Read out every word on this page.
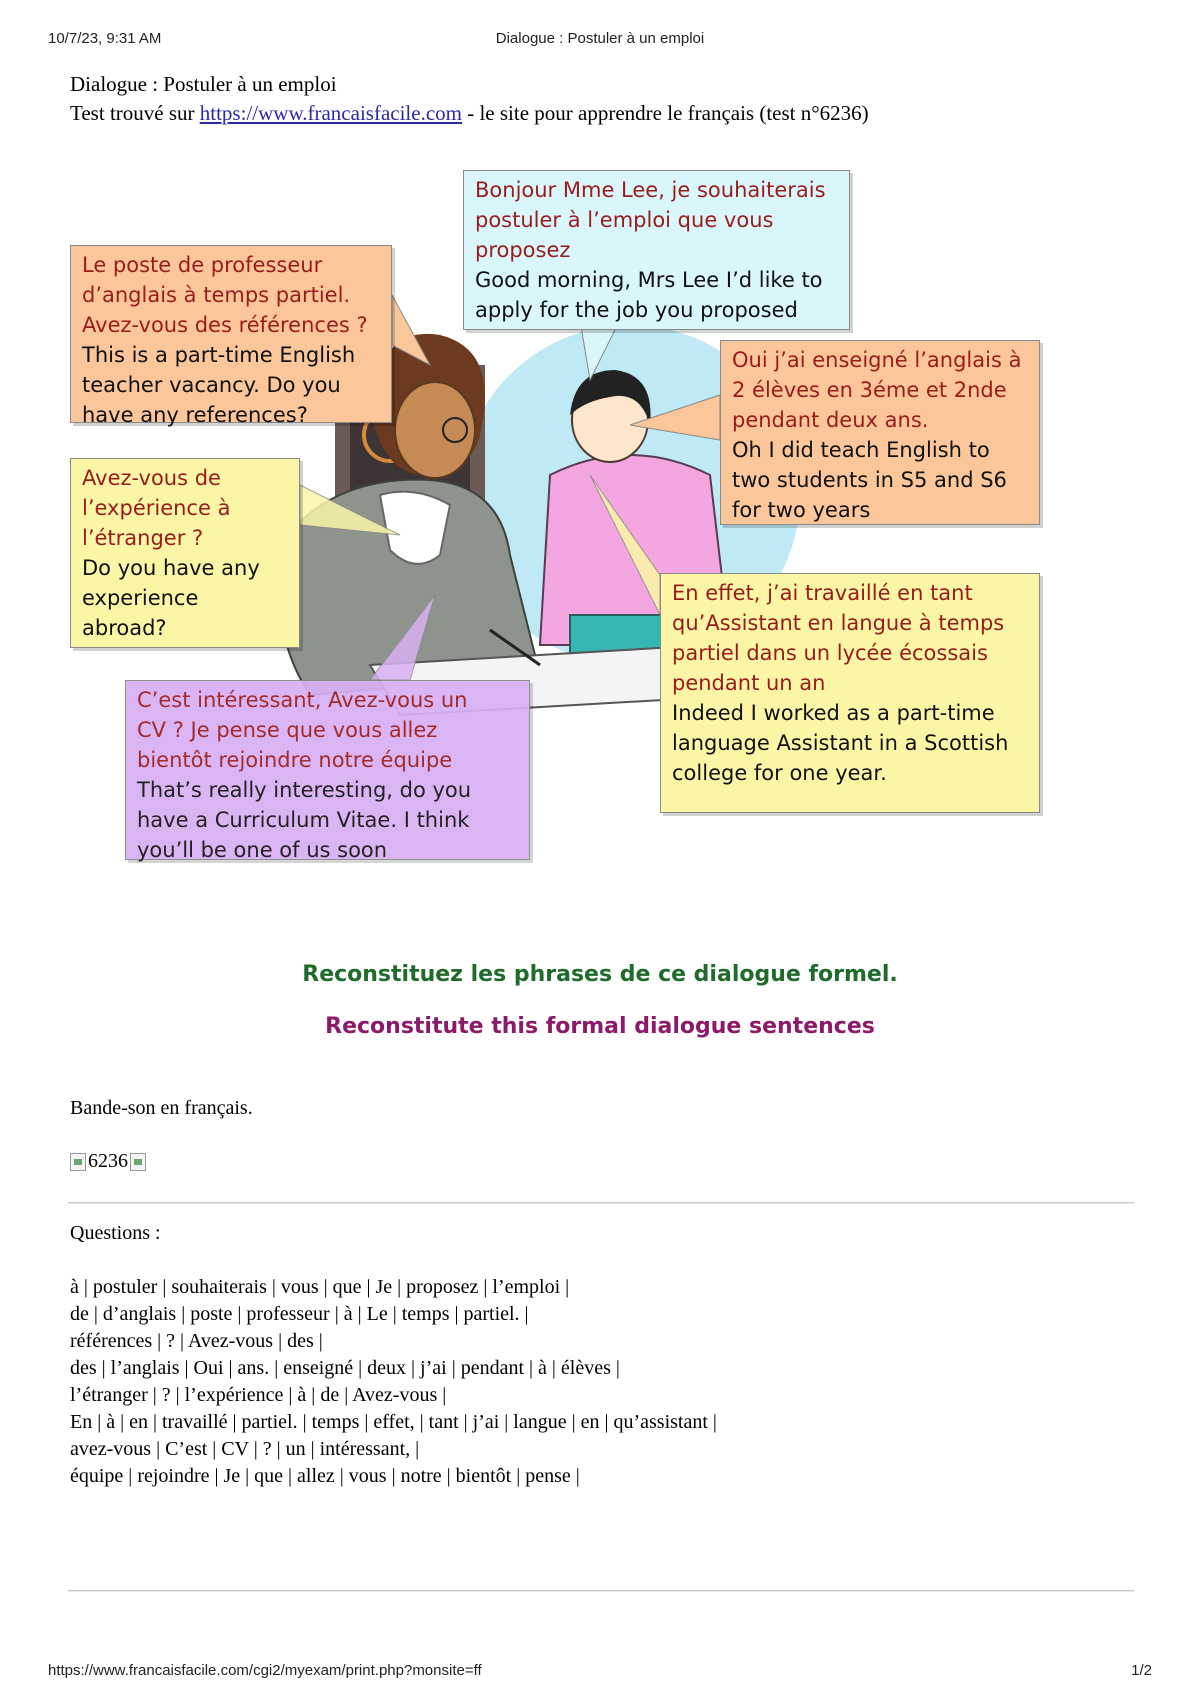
10/7/23, 9:31 AM	Dialogue : Postuler à un emploi
Dialogue : Postuler à un emploi
Test trouvé sur https://www.francaisfacile.com - le site pour apprendre le français (test n°6236)
Bonjour Mme Lee, je souhaiterais
postuler à l’emploi que vous
proposez
Good morning, Mrs Lee I’d like to
apply for the job you proposed
Le poste de professeur
d’anglais à temps partiel.
Avez-vous des références ?
This is a part-time English
teacher vacancy. Do you
have any references?
Oui j’ai enseigné l’anglais à
2 élèves en 3éme et 2nde
pendant deux ans.
Oh I did teach English to
two students in S5 and S6
for two years
Avez-vous de
l’expérience à
l’étranger ?
Do you have any
experience
abroad?
En effet, j’ai travaillé en tant
qu’Assistant en langue à temps
partiel dans un lycée écossais
pendant un an
Indeed I worked as a part-time
language Assistant in a Scottish
college for one year.
C’est intéressant, Avez-vous un
CV ? Je pense que vous allez
bientôt rejoindre notre équipe
That’s really interesting, do you
have a Curriculum Vitae. I think
you’ll be one of us soon
Reconstituez les phrases de ce dialogue formel.
Reconstitute this formal dialogue sentences
Bande-son en français.
6236
Questions :
à | postuler | souhaiterais | vous | que | Je | proposez | l’emploi |
de | d’anglais | poste | professeur | à | Le | temps | partiel. |
références | ? | Avez-vous | des |
des | l’anglais | Oui | ans. | enseigné | deux | j’ai | pendant | à | élèves |
l’étranger | ? | l’expérience | à | de | Avez-vous |
En | à | en | travaillé | partiel. | temps | effet, | tant | j’ai | langue | en | qu’assistant |
avez-vous | C’est | CV | ? | un | intéressant, |
équipe | rejoindre | Je | que | allez | vous | notre | bientôt | pense |
https://www.francaisfacile.com/cgi2/myexam/print.php?monsite=ff	1/2
